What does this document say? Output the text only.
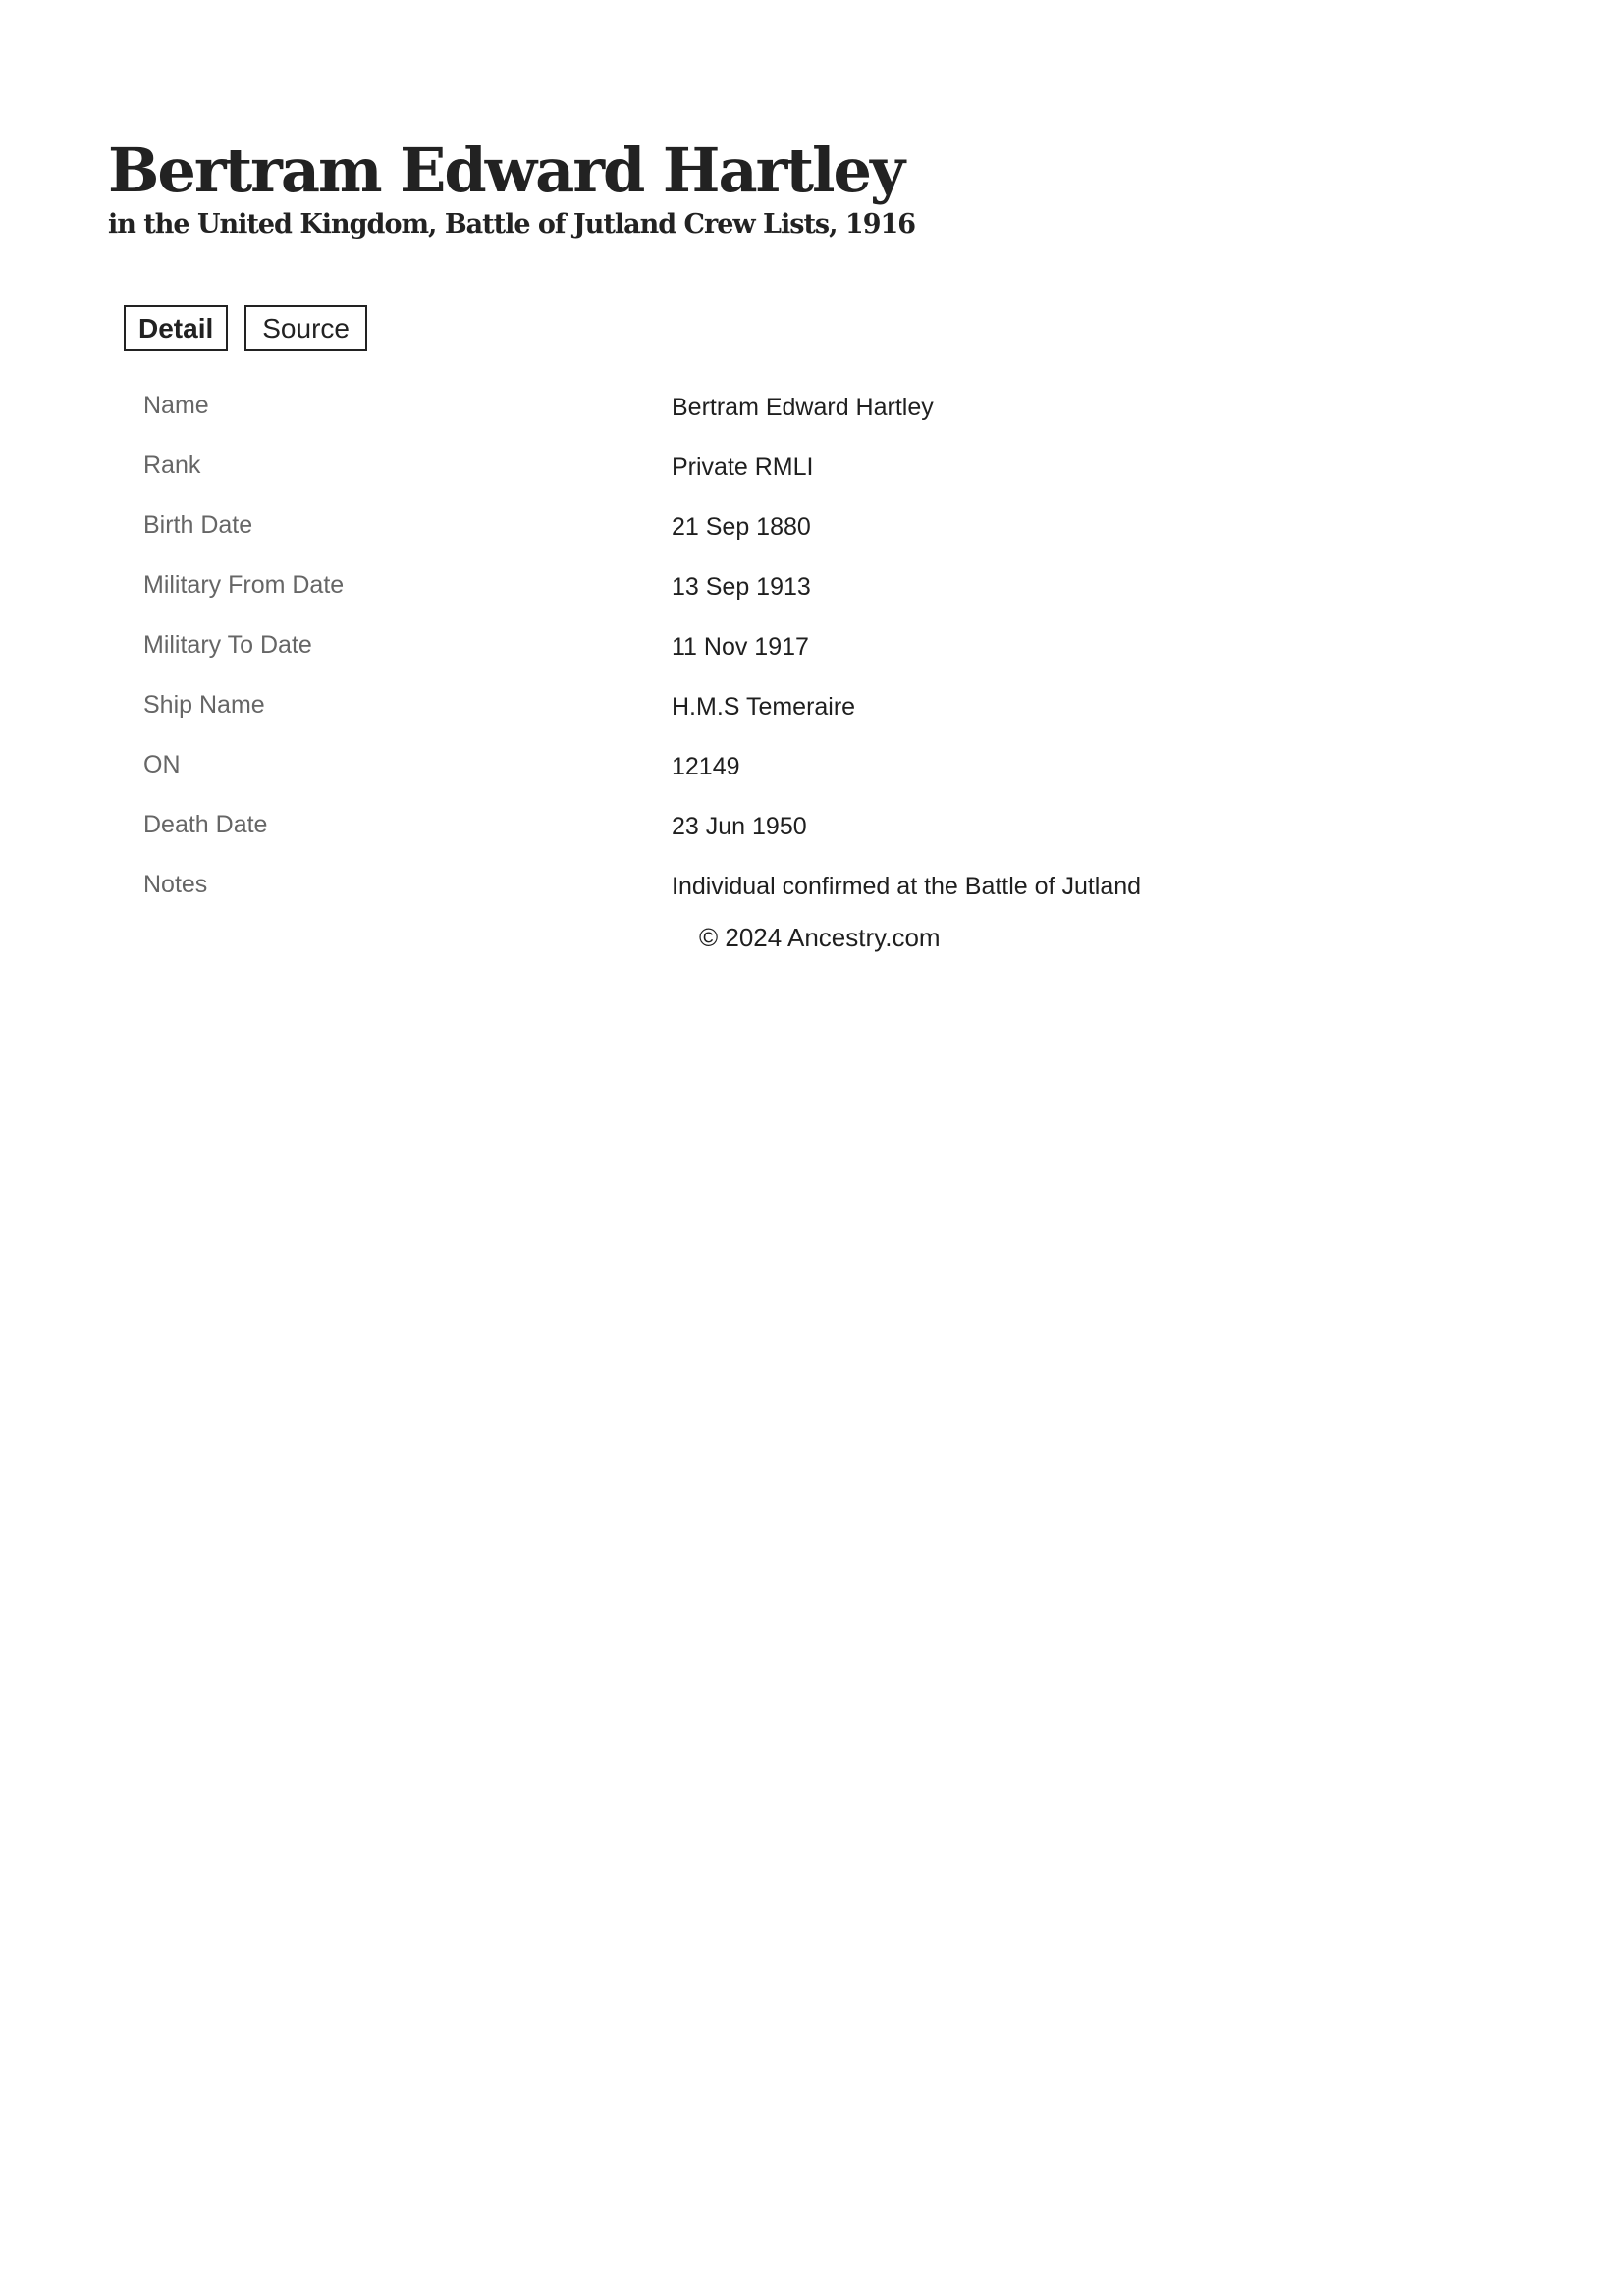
Bertram Edward Hartley
in the United Kingdom, Battle of Jutland Crew Lists, 1916
Detail	Source
Name	Bertram Edward Hartley
Rank	Private RMLI
Birth Date	21 Sep 1880
Military From Date	13 Sep 1913
Military To Date	11 Nov 1917
Ship Name	H.M.S Temeraire
ON	12149
Death Date	23 Jun 1950
Notes	Individual confirmed at the Battle of Jutland
© 2024 Ancestry.com
